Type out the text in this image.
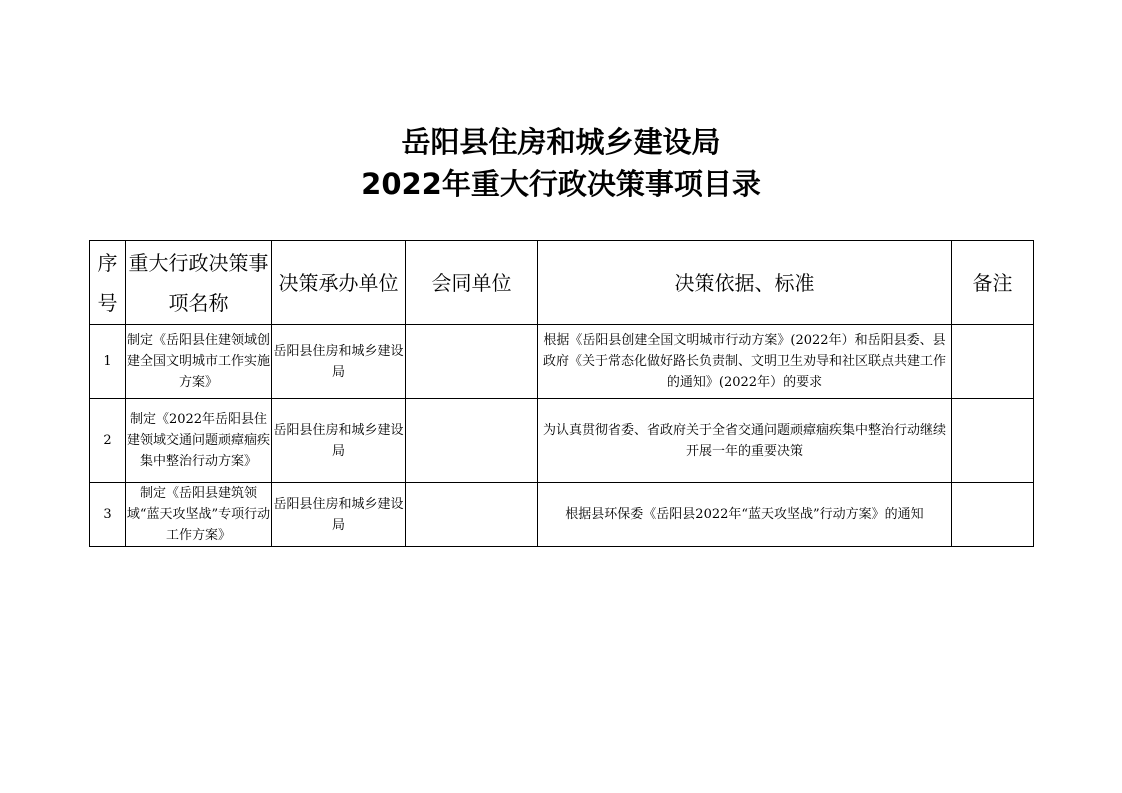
岳阳县住房和城乡建设局
2022年重大行政决策事项目录
序号	重大行政决策事项名称	决策承办单位	会同单位	决策依据、标准	备注
1	制定《岳阳县住建领域创建全国文明城市工作实施方案》	岳阳县住房和城乡建设局		根据《岳阳县创建全国文明城市行动方案》(2022年）和岳阳县委、县政府《关于常态化做好路长负责制、文明卫生劝导和社区联点共建工作的通知》(2022年）的要求	
2	制定《2022年岳阳县住建领域交通问题顽瘴痼疾集中整治行动方案》	岳阳县住房和城乡建设局		为认真贯彻省委、省政府关于全省交通问题顽瘴痼疾集中整治行动继续开展一年的重要决策	
3	制定《岳阳县建筑领域“蓝天攻坚战”专项行动工作方案》	岳阳县住房和城乡建设局		根据县环保委《岳阳县2022年“蓝天攻坚战”行动方案》的通知	
